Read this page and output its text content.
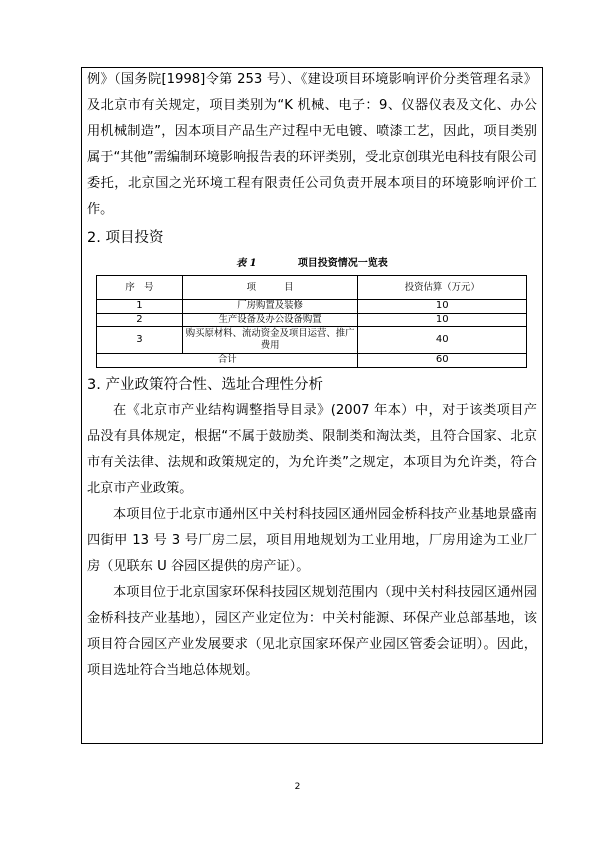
例》（国务院[1998]令第 253 号）、《建设项目环境影响评价分类管理名录》及北京市有关规定，项目类别为“K 机械、电子：9、仪器仪表及文化、办公用机械制造”，因本项目产品生产过程中无电镀、喷漆工艺，因此，项目类别属于“其他”需编制环境影响报告表的环评类别，受北京创琪光电科技有限公司委托，北京国之光环境工程有限责任公司负责开展本项目的环境影响评价工作。

2. 项目投资

表 1	项目投资情况一览表
序　号	项　　　目	投资估算（万元）
1	厂房购置及装修	10
2	生产设备及办公设备购置	10
3	购买原材料、流动资金及项目运营、推广费用	40
合计		60

3. 产业政策符合性、选址合理性分析

在《北京市产业结构调整指导目录》(2007 年本）中，对于该类项目产品没有具体规定，根据“不属于鼓励类、限制类和淘汰类，且符合国家、北京市有关法律、法规和政策规定的，为允许类”之规定，本项目为允许类，符合北京市产业政策。

本项目位于北京市通州区中关村科技园区通州园金桥科技产业基地景盛南四街甲 13 号 3 号厂房二层，项目用地规划为工业用地，厂房用途为工业厂房（见联东 U 谷园区提供的房产证）。

本项目位于北京国家环保科技园区规划范围内（现中关村科技园区通州园金桥科技产业基地），园区产业定位为：中关村能源、环保产业总部基地，该项目符合园区产业发展要求（见北京国家环保产业园区管委会证明）。因此，项目选址符合当地总体规划。

2
